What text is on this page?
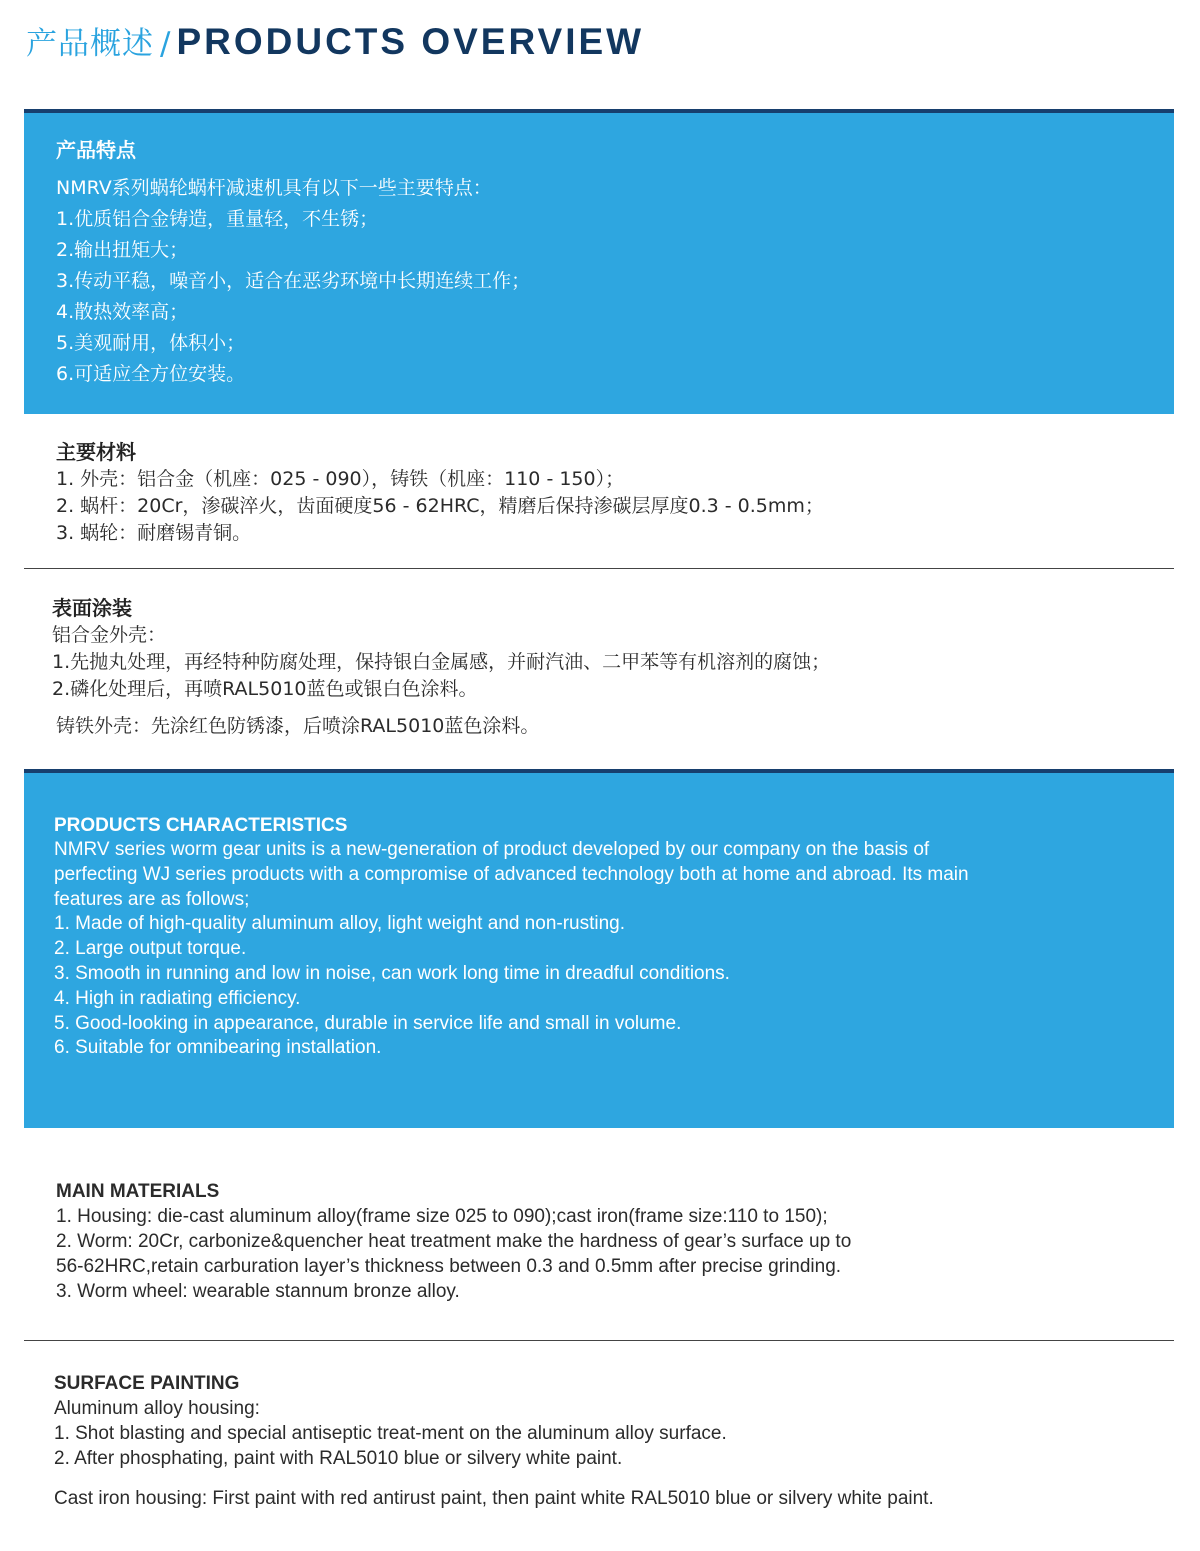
产品概述 / PRODUCTS OVERVIEW
产品特点
NMRV系列蜗轮蜗杆减速机具有以下一些主要特点：
1.优质铝合金铸造，重量轻，不生锈；
2.输出扭矩大；
3.传动平稳，噪音小，适合在恶劣环境中长期连续工作；
4.散热效率高；
5.美观耐用，体积小；
6.可适应全方位安装。
主要材料
1. 外壳：铝合金（机座：025 - 090），铸铁（机座：110 - 150）；
2. 蜗杆：20Cr，渗碳淬火，齿面硬度56 - 62HRC，精磨后保持渗碳层厚度0.3 - 0.5mm；
3. 蜗轮：耐磨锡青铜。
表面涂装
铝合金外壳：
1.先抛丸处理，再经特种防腐处理，保持银白金属感，并耐汽油、二甲苯等有机溶剂的腐蚀；
2.磷化处理后，再喷RAL5010蓝色或银白色涂料。
铸铁外壳：先涂红色防锈漆，后喷涂RAL5010蓝色涂料。
PRODUCTS CHARACTERISTICS
NMRV series worm gear units is a new-generation of product developed by our company on the basis of
perfecting WJ series products with a compromise of advanced technology both at home and abroad. Its main
features are as follows;
1. Made of high-quality aluminum alloy, light weight and non-rusting.
2. Large output torque.
3. Smooth in running and low in noise, can work long time in dreadful conditions.
4. High in radiating efficiency.
5. Good-looking in appearance, durable in service life and small in volume.
6. Suitable for omnibearing installation.
MAIN MATERIALS
1. Housing: die-cast aluminum alloy(frame size 025 to 090);cast iron(frame size:110 to 150);
2. Worm: 20Cr, carbonize&quencher heat treatment make the hardness of gear’s surface up to
56-62HRC,retain carburation layer’s thickness between 0.3 and 0.5mm after precise grinding.
3. Worm wheel: wearable stannum bronze alloy.
SURFACE PAINTING
Aluminum alloy housing:
1. Shot blasting and special antiseptic treat-ment on the aluminum alloy surface.
2. After phosphating, paint with RAL5010 blue or silvery white paint.
Cast iron housing: First paint with red antirust paint, then paint white RAL5010 blue or silvery white paint.
